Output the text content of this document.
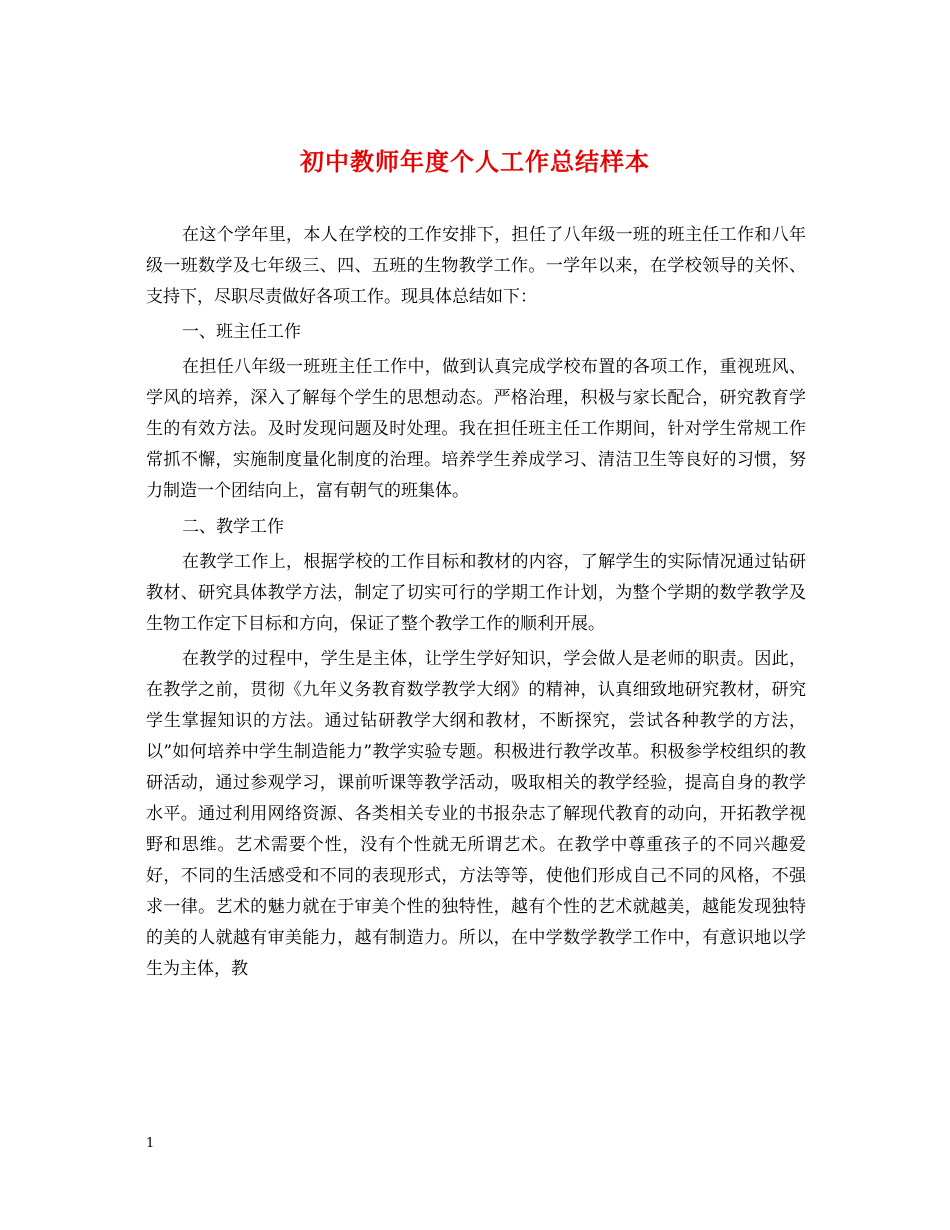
初中教师年度个人工作总结样本

在这个学年里，本人在学校的工作安排下，担任了八年级一班的班主任工作和八年级一班数学及七年级三、四、五班的生物教学工作。一学年以来，在学校领导的关怀、支持下，尽职尽责做好各项工作。现具体总结如下：

一、班主任工作

在担任八年级一班班主任工作中，做到认真完成学校布置的各项工作，重视班风、学风的培养，深入了解每个学生的思想动态。严格治理，积极与家长配合，研究教育学生的有效方法。及时发现问题及时处理。我在担任班主任工作期间，针对学生常规工作常抓不懈，实施制度量化制度的治理。培养学生养成学习、清洁卫生等良好的习惯，努力制造一个团结向上，富有朝气的班集体。

二、教学工作

在教学工作上，根据学校的工作目标和教材的内容，了解学生的实际情况通过钻研教材、研究具体教学方法，制定了切实可行的学期工作计划，为整个学期的数学教学及生物工作定下目标和方向，保证了整个教学工作的顺利开展。

在教学的过程中，学生是主体，让学生学好知识，学会做人是老师的职责。因此，在教学之前，贯彻《九年义务教育数学教学大纲》的精神，认真细致地研究教材，研究学生掌握知识的方法。通过钻研教学大纲和教材，不断探究，尝试各种教学的方法，以”如何培养中学生制造能力”教学实验专题。积极进行教学改革。积极参学校组织的教研活动，通过参观学习，课前听课等教学活动，吸取相关的教学经验，提高自身的教学水平。通过利用网络资源、各类相关专业的书报杂志了解现代教育的动向，开拓教学视野和思维。艺术需要个性，没有个性就无所谓艺术。在教学中尊重孩子的不同兴趣爱好，不同的生活感受和不同的表现形式，方法等等，使他们形成自己不同的风格，不强求一律。艺术的魅力就在于审美个性的独特性，越有个性的艺术就越美，越能发现独特的美的人就越有审美能力，越有制造力。所以，在中学数学教学工作中，有意识地以学生为主体，教

1
